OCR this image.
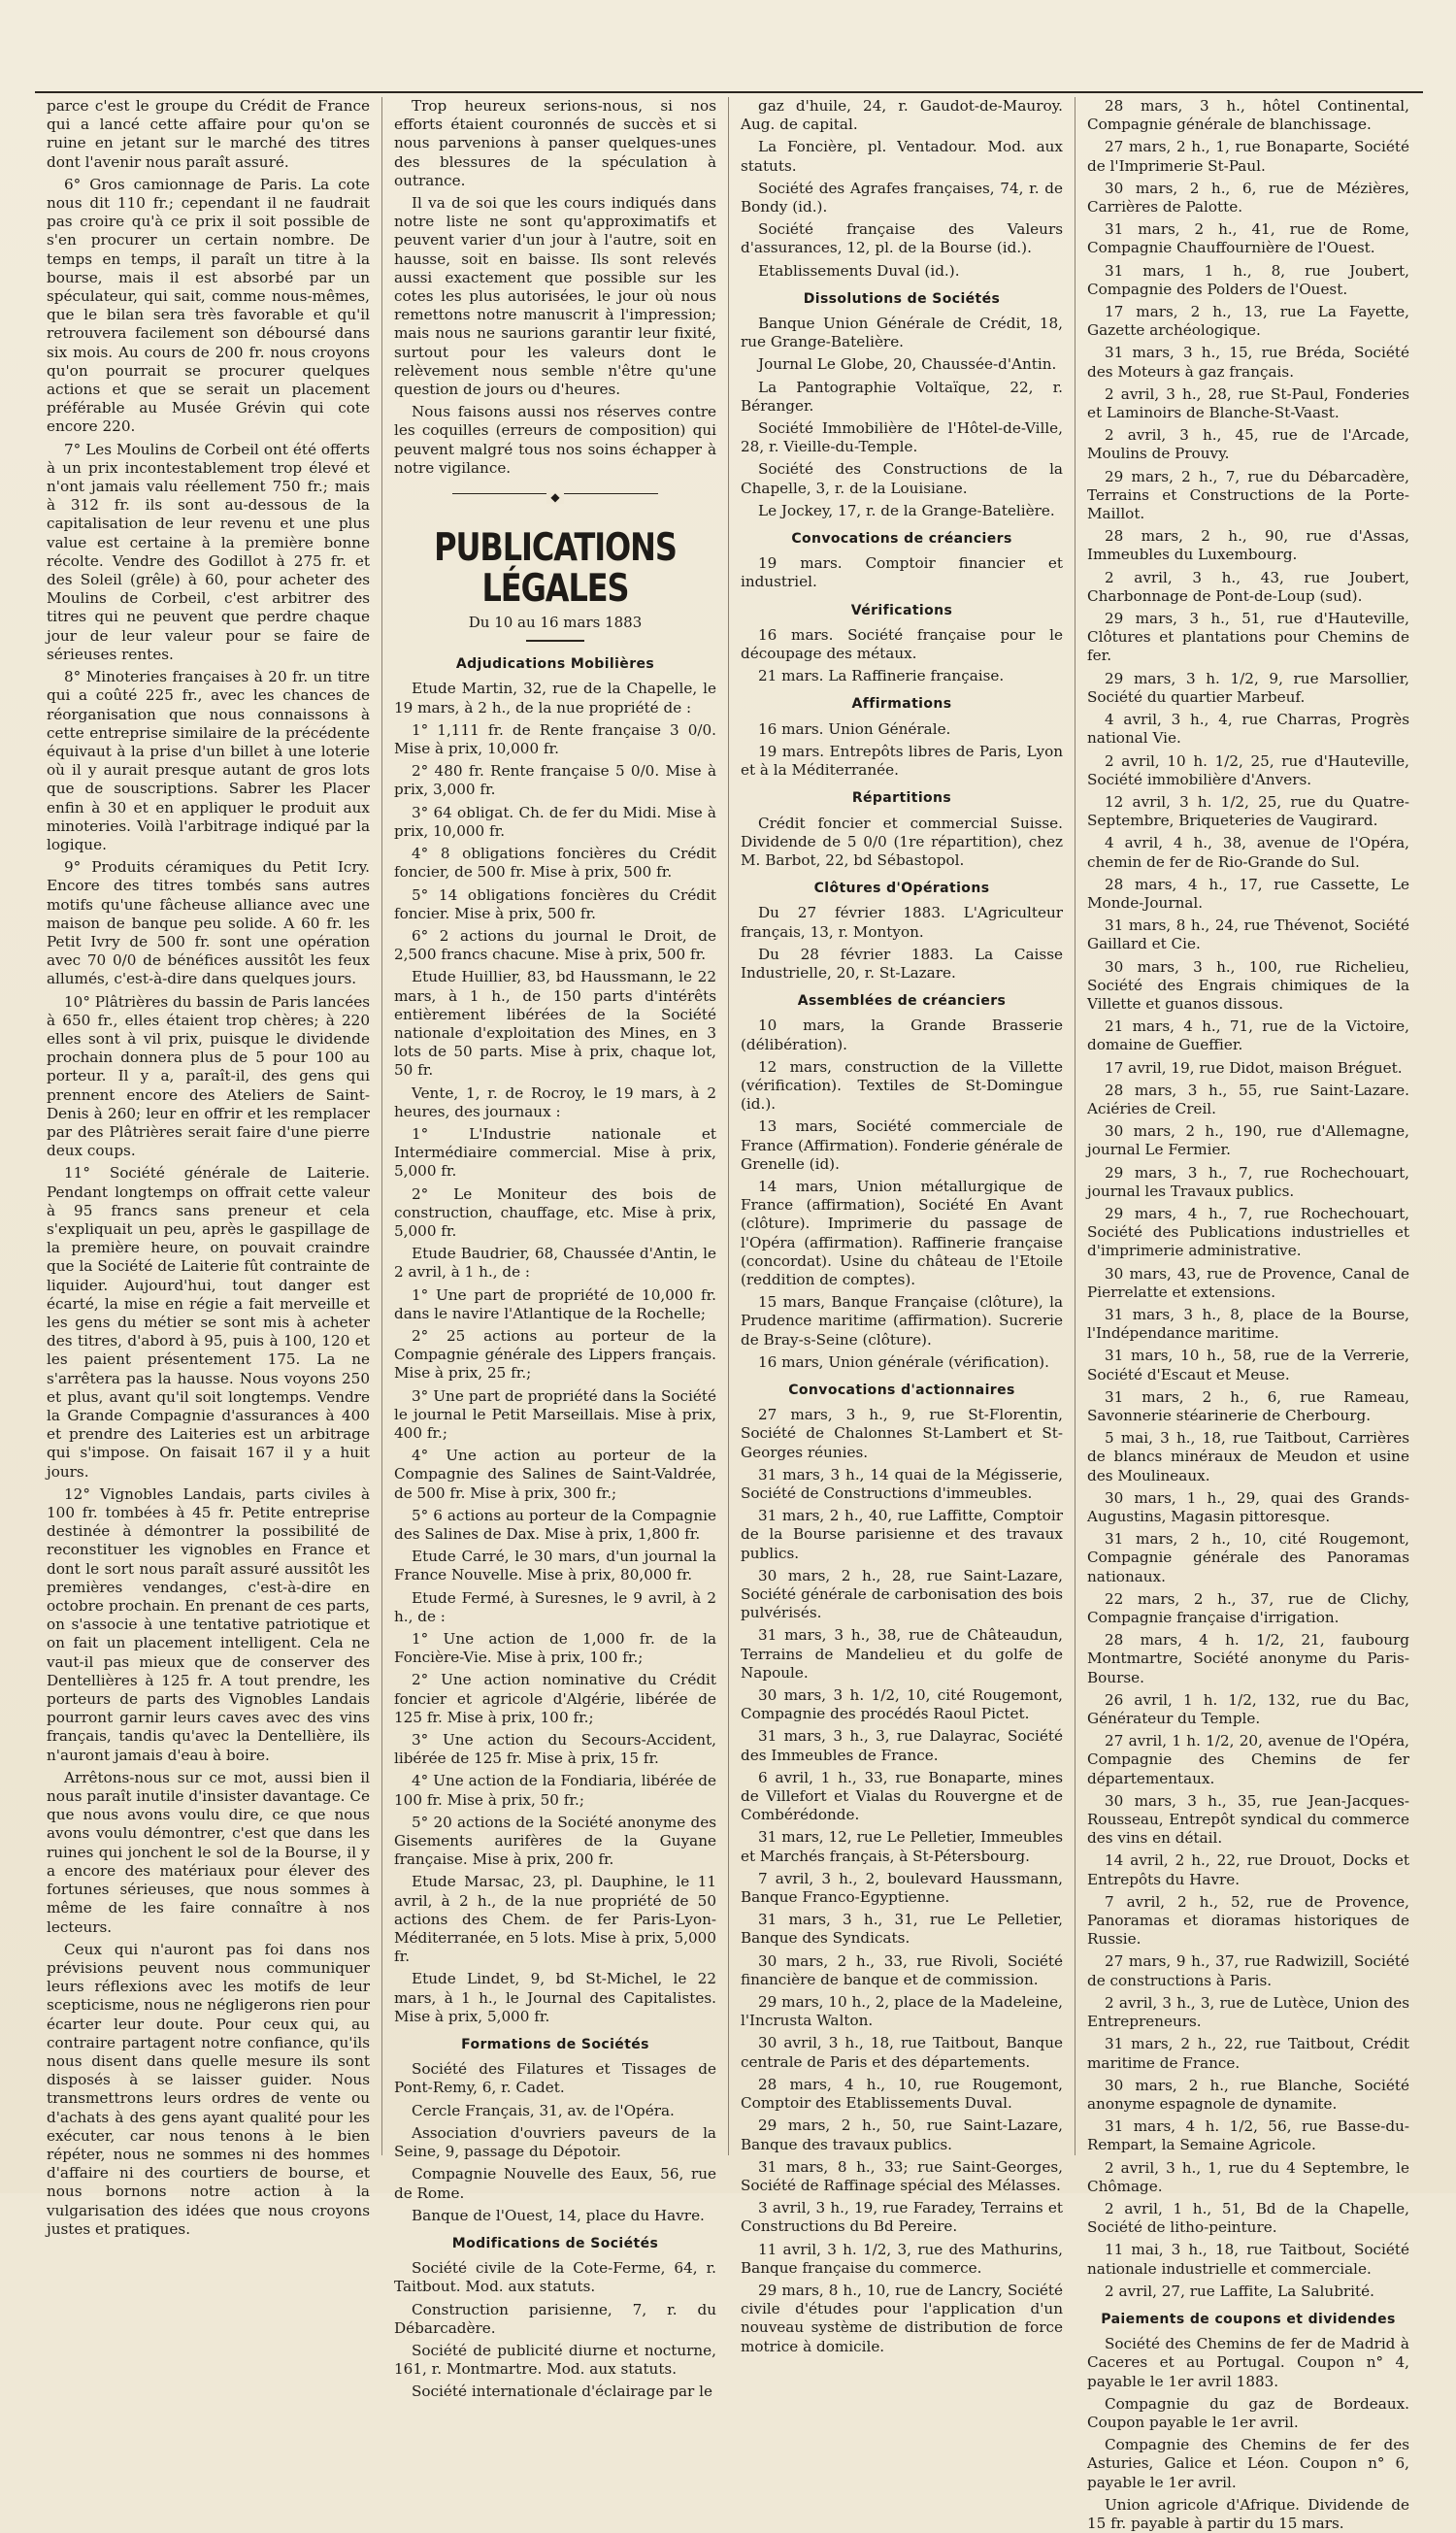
parce c'est le groupe du Crédit de France qui a lancé cette affaire pour qu'on se ruine en jetant sur le marché des titres dont l'avenir nous paraît assuré.

6° Gros camionnage de Paris. La cote nous dit 110 fr.; cependant il ne faudrait pas croire qu'à ce prix il soit possible de s'en procurer un certain nombre. De temps en temps, il paraît un titre à la bourse, mais il est absorbé par un spéculateur, qui sait, comme nous-mêmes, que le bilan sera très favorable et qu'il retrouvera facilement son déboursé dans six mois. Au cours de 200 fr. nous croyons qu'on pourrait se procurer quelques actions et que se serait un placement préférable au Musée Grévin qui cote encore 220.

7° Les Moulins de Corbeil ont été offerts à un prix incontestablement trop élevé et n'ont jamais valu réellement 750 fr.; mais à 312 fr. ils sont au-dessous de la capitalisation de leur revenu et une plus value est certaine à la première bonne récolte. Vendre des Godillot à 275 fr. et des Soleil (grêle) à 60, pour acheter des Moulins de Corbeil, c'est arbitrer des titres qui ne peuvent que perdre chaque jour de leur valeur pour se faire de sérieuses rentes.

8° Minoteries françaises à 20 fr. un titre qui a coûté 225 fr., avec les chances de réorganisation que nous connaissons à cette entreprise similaire de la précédente équivaut à la prise d'un billet à une loterie où il y aurait presque autant de gros lots que de souscriptions. Sabrer les Placer enfin à 30 et en appliquer le produit aux minoteries. Voilà l'arbitrage indiqué par la logique.

9° Produits céramiques du Petit Icry. Encore des titres tombés sans autres motifs qu'une fâcheuse alliance avec une maison de banque peu solide. A 60 fr. les Petit Ivry de 500 fr. sont une opération avec 70 0/0 de bénéfices aussitôt les feux allumés, c'est-à-dire dans quelques jours.

10° Plâtrières du bassin de Paris lancées à 650 fr., elles étaient trop chères; à 220 elles sont à vil prix, puisque le dividende prochain donnera plus de 5 pour 100 au porteur. Il y a, paraît-il, des gens qui prennent encore des Ateliers de Saint-Denis à 260; leur en offrir et les remplacer par des Plâtrières serait faire d'une pierre deux coups.

11° Société générale de Laiterie. Pendant longtemps on offrait cette valeur à 95 francs sans preneur et cela s'expliquait un peu, après le gaspillage de la première heure, on pouvait craindre que la Société de Laiterie fût contrainte de liquider. Aujourd'hui, tout danger est écarté, la mise en régie a fait merveille et les gens du métier se sont mis à acheter des titres, d'abord à 95, puis à 100, 120 et les paient présentement 175. La ne s'arrêtera pas la hausse. Nous voyons 250 et plus, avant qu'il soit longtemps. Vendre la Grande Compagnie d'assurances à 400 et prendre des Laiteries est un arbitrage qui s'impose. On faisait 167 il y a huit jours.

12° Vignobles Landais, parts civiles à 100 fr. tombées à 45 fr. Petite entreprise destinée à démontrer la possibilité de reconstituer les vignobles en France et dont le sort nous paraît assuré aussitôt les premières vendanges, c'est-à-dire en octobre prochain. En prenant de ces parts, on s'associe à une tentative patriotique et on fait un placement intelligent. Cela ne vaut-il pas mieux que de conserver des Dentellières à 125 fr. A tout prendre, les porteurs de parts des Vignobles Landais pourront garnir leurs caves avec des vins français, tandis qu'avec la Dentellière, ils n'auront jamais d'eau à boire.

Arrêtons-nous sur ce mot, aussi bien il nous paraît inutile d'insister davantage. Ce que nous avons voulu dire, ce que nous avons voulu démontrer, c'est que dans les ruines qui jonchent le sol de la Bourse, il y a encore des matériaux pour élever des fortunes sérieuses, que nous sommes à même de les faire connaître à nos lecteurs.

Ceux qui n'auront pas foi dans nos prévisions peuvent nous communiquer leurs réflexions avec les motifs de leur scepticisme, nous ne négligerons rien pour écarter leur doute. Pour ceux qui, au contraire partagent notre confiance, qu'ils nous disent dans quelle mesure ils sont disposés à se laisser guider. Nous transmettrons leurs ordres de vente ou d'achats à des gens ayant qualité pour les exécuter, car nous tenons à le bien répéter, nous ne sommes ni des hommes d'affaire ni des courtiers de bourse, et nous bornons notre action à la vulgarisation des idées que nous croyons justes et pratiques.

Trop heureux serions-nous, si nos efforts étaient couronnés de succès et si nous parvenions à panser quelques-unes des blessures de la spéculation à outrance.

Il va de soi que les cours indiqués dans notre liste ne sont qu'approximatifs et peuvent varier d'un jour à l'autre, soit en hausse, soit en baisse. Ils sont relevés aussi exactement que possible sur les cotes les plus autorisées, le jour où nous remettons notre manuscrit à l'impression; mais nous ne saurions garantir leur fixité, surtout pour les valeurs dont le relèvement nous semble n'être qu'une question de jours ou d'heures.

Nous faisons aussi nos réserves contre les coquilles (erreurs de composition) qui peuvent malgré tous nos soins échapper à notre vigilance.

◆
PUBLICATIONS LÉGALES
Du 10 au 16 mars 1883
Adjudications Mobilières

Etude Martin, 32, rue de la Chapelle, le 19 mars, à 2 h., de la nue propriété de :

1° 1,111 fr. de Rente française 3 0/0. Mise à prix, 10,000 fr.

2° 480 fr. Rente française 5 0/0. Mise à prix, 3,000 fr.

3° 64 obligat. Ch. de fer du Midi. Mise à prix, 10,000 fr.

4° 8 obligations foncières du Crédit foncier, de 500 fr. Mise à prix, 500 fr.

5° 14 obligations foncières du Crédit foncier. Mise à prix, 500 fr.

6° 2 actions du journal le Droit, de 2,500 francs chacune. Mise à prix, 500 fr.

Etude Huillier, 83, bd Haussmann, le 22 mars, à 1 h., de 150 parts d'intérêts entièrement libérées de la Société nationale d'exploitation des Mines, en 3 lots de 50 parts. Mise à prix, chaque lot, 50 fr.

Vente, 1, r. de Rocroy, le 19 mars, à 2 heures, des journaux :

1° L'Industrie nationale et Intermédiaire commercial. Mise à prix, 5,000 fr.

2° Le Moniteur des bois de construction, chauffage, etc. Mise à prix, 5,000 fr.

Etude Baudrier, 68, Chaussée d'Antin, le 2 avril, à 1 h., de :

1° Une part de propriété de 10,000 fr. dans le navire l'Atlantique de la Rochelle;

2° 25 actions au porteur de la Compagnie générale des Lippers français. Mise à prix, 25 fr.;

3° Une part de propriété dans la Société le journal le Petit Marseillais. Mise à prix, 400 fr.;

4° Une action au porteur de la Compagnie des Salines de Saint-Valdrée, de 500 fr. Mise à prix, 300 fr.;

5° 6 actions au porteur de la Compagnie des Salines de Dax. Mise à prix, 1,800 fr.

Etude Carré, le 30 mars, d'un journal la France Nouvelle. Mise à prix, 80,000 fr.

Etude Fermé, à Suresnes, le 9 avril, à 2 h., de :

1° Une action de 1,000 fr. de la Foncière-Vie. Mise à prix, 100 fr.;

2° Une action nominative du Crédit foncier et agricole d'Algérie, libérée de 125 fr. Mise à prix, 100 fr.;

3° Une action du Secours-Accident, libérée de 125 fr. Mise à prix, 15 fr.

4° Une action de la Fondiaria, libérée de 100 fr. Mise à prix, 50 fr.;

5° 20 actions de la Société anonyme des Gisements aurifères de la Guyane française. Mise à prix, 200 fr.

Etude Marsac, 23, pl. Dauphine, le 11 avril, à 2 h., de la nue propriété de 50 actions des Chem. de fer Paris-Lyon-Méditerranée, en 5 lots. Mise à prix, 5,000 fr.

Etude Lindet, 9, bd St-Michel, le 22 mars, à 1 h., le Journal des Capitalistes. Mise à prix, 5,000 fr.

Formations de Sociétés

Société des Filatures et Tissages de Pont-Remy, 6, r. Cadet.

Cercle Français, 31, av. de l'Opéra.

Association d'ouvriers paveurs de la Seine, 9, passage du Dépotoir.

Compagnie Nouvelle des Eaux, 56, rue de Rome.

Banque de l'Ouest, 14, place du Havre.

Modifications de Sociétés

Société civile de la Cote-Ferme, 64, r. Taitbout. Mod. aux statuts.

Construction parisienne, 7, r. du Débarcadère.

Société de publicité diurne et nocturne, 161, r. Montmartre. Mod. aux statuts.

Société internationale d'éclairage par le

gaz d'huile, 24, r. Gaudot-de-Mauroy. Aug. de capital.

La Foncière, pl. Ventadour. Mod. aux statuts.

Société des Agrafes françaises, 74, r. de Bondy (id.).

Société française des Valeurs d'assurances, 12, pl. de la Bourse (id.).

Etablissements Duval (id.).

Dissolutions de Sociétés

Banque Union Générale de Crédit, 18, rue Grange-Batelière.

Journal Le Globe, 20, Chaussée-d'Antin.

La Pantographie Voltaïque, 22, r. Béranger.

Société Immobilière de l'Hôtel-de-Ville, 28, r. Vieille-du-Temple.

Société des Constructions de la Chapelle, 3, r. de la Louisiane.

Le Jockey, 17, r. de la Grange-Batelière.

Convocations de créanciers

19 mars. Comptoir financier et industriel.

Vérifications

16 mars. Société française pour le découpage des métaux.

21 mars. La Raffinerie française.

Affirmations

16 mars. Union Générale.

19 mars. Entrepôts libres de Paris, Lyon et à la Méditerranée.

Répartitions

Crédit foncier et commercial Suisse. Dividende de 5 0/0 (1re répartition), chez M. Barbot, 22, bd Sébastopol.

Clôtures d'Opérations

Du 27 février 1883. L'Agriculteur français, 13, r. Montyon.

Du 28 février 1883. La Caisse Industrielle, 20, r. St-Lazare.

Assemblées de créanciers

10 mars, la Grande Brasserie (délibération).

12 mars, construction de la Villette (vérification). Textiles de St-Domingue (id.).

13 mars, Société commerciale de France (Affirmation). Fonderie générale de Grenelle (id).

14 mars, Union métallurgique de France (affirmation), Société En Avant (clôture). Imprimerie du passage de l'Opéra (affirmation). Raffinerie française (concordat). Usine du château de l'Etoile (reddition de comptes).

15 mars, Banque Française (clôture), la Prudence maritime (affirmation). Sucrerie de Bray-s-Seine (clôture).

16 mars, Union générale (vérification).

Convocations d'actionnaires

27 mars, 3 h., 9, rue St-Florentin, Société de Chalonnes St-Lambert et St-Georges réunies.

31 mars, 3 h., 14 quai de la Mégisserie, Société de Constructions d'immeubles.

31 mars, 2 h., 40, rue Laffitte, Comptoir de la Bourse parisienne et des travaux publics.

30 mars, 2 h., 28, rue Saint-Lazare, Société générale de carbonisation des bois pulvérisés.

31 mars, 3 h., 38, rue de Châteaudun, Terrains de Mandelieu et du golfe de Napoule.

30 mars, 3 h. 1/2, 10, cité Rougemont, Compagnie des procédés Raoul Pictet.

31 mars, 3 h., 3, rue Dalayrac, Société des Immeubles de France.

6 avril, 1 h., 33, rue Bonaparte, mines de Villefort et Vialas du Rouvergne et de Combérédonde.

31 mars, 12, rue Le Pelletier, Immeubles et Marchés français, à St-Pétersbourg.

7 avril, 3 h., 2, boulevard Haussmann, Banque Franco-Egyptienne.

31 mars, 3 h., 31, rue Le Pelletier, Banque des Syndicats.

30 mars, 2 h., 33, rue Rivoli, Société financière de banque et de commission.

29 mars, 10 h., 2, place de la Madeleine, l'Incrusta Walton.

30 avril, 3 h., 18, rue Taitbout, Banque centrale de Paris et des départements.

28 mars, 4 h., 10, rue Rougemont, Comptoir des Etablissements Duval.

29 mars, 2 h., 50, rue Saint-Lazare, Banque des travaux publics.

31 mars, 8 h., 33; rue Saint-Georges, Société de Raffinage spécial des Mélasses.

3 avril, 3 h., 19, rue Faradey, Terrains et Constructions du Bd Pereire.

11 avril, 3 h. 1/2, 3, rue des Mathurins, Banque française du commerce.

29 mars, 8 h., 10, rue de Lancry, Société civile d'études pour l'application d'un nouveau système de distribution de force motrice à domicile.

28 mars, 3 h., hôtel Continental, Compagnie générale de blanchissage.

27 mars, 2 h., 1, rue Bonaparte, Société de l'Imprimerie St-Paul.

30 mars, 2 h., 6, rue de Mézières, Carrières de Palotte.

31 mars, 2 h., 41, rue de Rome, Compagnie Chauffournière de l'Ouest.

31 mars, 1 h., 8, rue Joubert, Compagnie des Polders de l'Ouest.

17 mars, 2 h., 13, rue La Fayette, Gazette archéologique.

31 mars, 3 h., 15, rue Bréda, Société des Moteurs à gaz français.

2 avril, 3 h., 28, rue St-Paul, Fonderies et Laminoirs de Blanche-St-Vaast.

2 avril, 3 h., 45, rue de l'Arcade, Moulins de Prouvy.

29 mars, 2 h., 7, rue du Débarcadère, Terrains et Constructions de la Porte-Maillot.

28 mars, 2 h., 90, rue d'Assas, Immeubles du Luxembourg.

2 avril, 3 h., 43, rue Joubert, Charbonnage de Pont-de-Loup (sud).

29 mars, 3 h., 51, rue d'Hauteville, Clôtures et plantations pour Chemins de fer.

29 mars, 3 h. 1/2, 9, rue Marsollier, Société du quartier Marbeuf.

4 avril, 3 h., 4, rue Charras, Progrès national Vie.

2 avril, 10 h. 1/2, 25, rue d'Hauteville, Société immobilière d'Anvers.

12 avril, 3 h. 1/2, 25, rue du Quatre-Septembre, Briqueteries de Vaugirard.

4 avril, 4 h., 38, avenue de l'Opéra, chemin de fer de Rio-Grande do Sul.

28 mars, 4 h., 17, rue Cassette, Le Monde-Journal.

31 mars, 8 h., 24, rue Thévenot, Société Gaillard et Cie.

30 mars, 3 h., 100, rue Richelieu, Société des Engrais chimiques de la Villette et guanos dissous.

21 mars, 4 h., 71, rue de la Victoire, domaine de Gueffier.

17 avril, 19, rue Didot, maison Bréguet.

28 mars, 3 h., 55, rue Saint-Lazare. Aciéries de Creil.

30 mars, 2 h., 190, rue d'Allemagne, journal Le Fermier.

29 mars, 3 h., 7, rue Rochechouart, journal les Travaux publics.

29 mars, 4 h., 7, rue Rochechouart, Société des Publications industrielles et d'imprimerie administrative.

30 mars, 43, rue de Provence, Canal de Pierrelatte et extensions.

31 mars, 3 h., 8, place de la Bourse, l'Indépendance maritime.

31 mars, 10 h., 58, rue de la Verrerie, Société d'Escaut et Meuse.

31 mars, 2 h., 6, rue Rameau, Savonnerie stéarinerie de Cherbourg.

5 mai, 3 h., 18, rue Taitbout, Carrières de blancs minéraux de Meudon et usine des Moulineaux.

30 mars, 1 h., 29, quai des Grands-Augustins, Magasin pittoresque.

31 mars, 2 h., 10, cité Rougemont, Compagnie générale des Panoramas nationaux.

22 mars, 2 h., 37, rue de Clichy, Compagnie française d'irrigation.

28 mars, 4 h. 1/2, 21, faubourg Montmartre, Société anonyme du Paris-Bourse.

26 avril, 1 h. 1/2, 132, rue du Bac, Générateur du Temple.

27 avril, 1 h. 1/2, 20, avenue de l'Opéra, Compagnie des Chemins de fer départementaux.

30 mars, 3 h., 35, rue Jean-Jacques-Rousseau, Entrepôt syndical du commerce des vins en détail.

14 avril, 2 h., 22, rue Drouot, Docks et Entrepôts du Havre.

7 avril, 2 h., 52, rue de Provence, Panoramas et dioramas historiques de Russie.

27 mars, 9 h., 37, rue Radwizill, Société de constructions à Paris.

2 avril, 3 h., 3, rue de Lutèce, Union des Entrepreneurs.

31 mars, 2 h., 22, rue Taitbout, Crédit maritime de France.

30 mars, 2 h., rue Blanche, Société anonyme espagnole de dynamite.

31 mars, 4 h. 1/2, 56, rue Basse-du-Rempart, la Semaine Agricole.

2 avril, 3 h., 1, rue du 4 Septembre, le Chômage.

2 avril, 1 h., 51, Bd de la Chapelle, Société de litho-peinture.

11 mai, 3 h., 18, rue Taitbout, Société nationale industrielle et commerciale.

2 avril, 27, rue Laffite, La Salubrité.

Paiements de coupons et dividendes

Société des Chemins de fer de Madrid à Caceres et au Portugal. Coupon n° 4, payable le 1er avril 1883.

Compagnie du gaz de Bordeaux. Coupon payable le 1er avril.

Compagnie des Chemins de fer des Asturies, Galice et Léon. Coupon n° 6, payable le 1er avril.

Union agricole d'Afrique. Dividende de 15 fr. payable à partir du 15 mars.
